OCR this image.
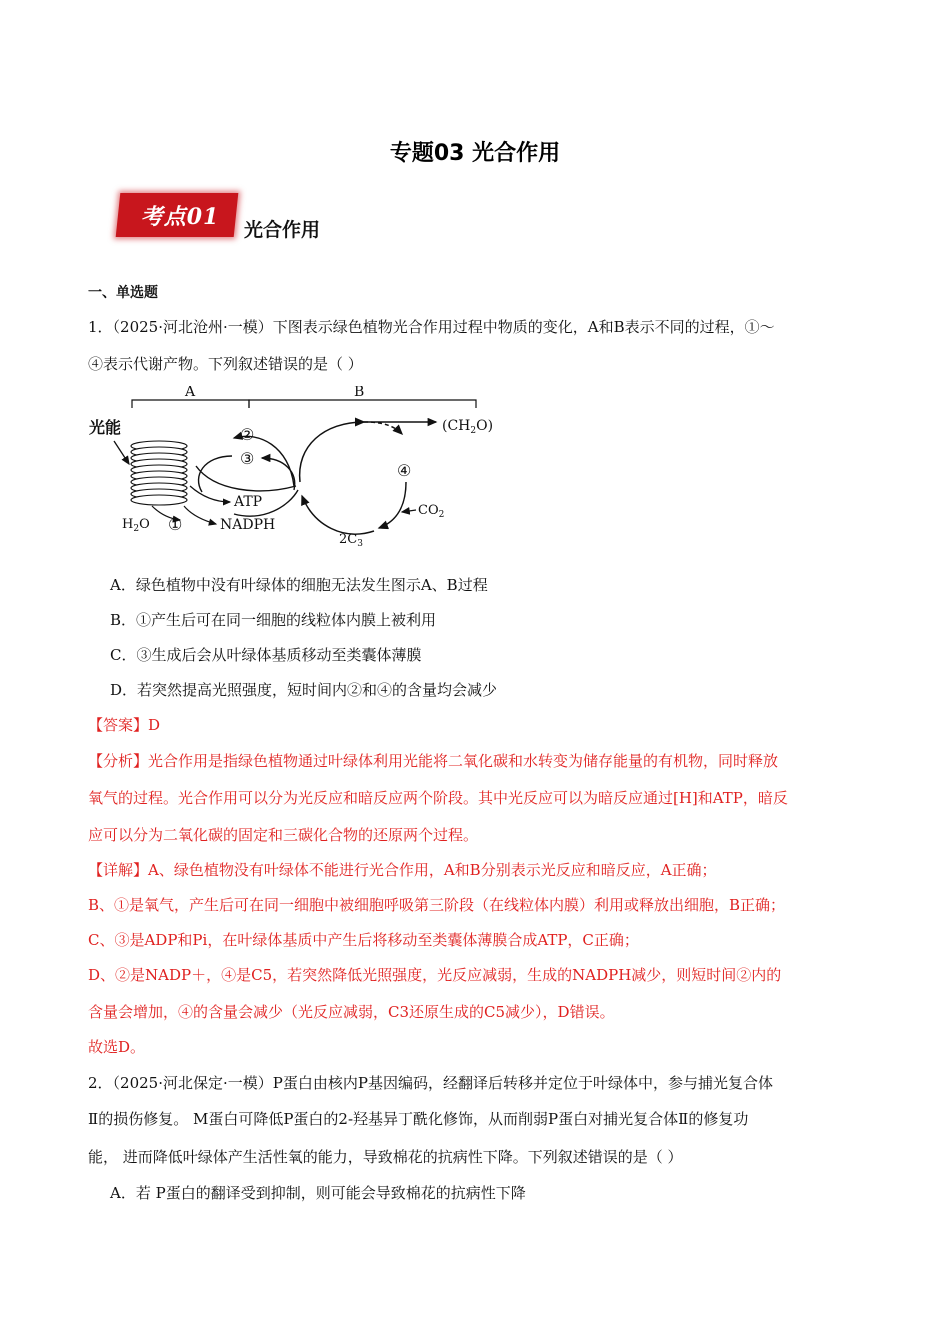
专题03 光合作用
考点01	光合作用
一、单选题
1．（2025·河北沧州·一模）下图表示绿色植物光合作用过程中物质的变化，A和B表示不同的过程，①～
④表示代谢产物。下列叙述错误的是（ ）
A	B
光能
$H_2O$ ①	NADPH
ATP
②
③
④
$2C_3$
$(CH_2O)$
$CO_2$
A．绿色植物中没有叶绿体的细胞无法发生图示A、B过程
B．①产生后可在同一细胞的线粒体内膜上被利用
C．③生成后会从叶绿体基质移动至类囊体薄膜
D．若突然提高光照强度，短时间内②和④的含量均会减少
【答案】D
【分析】光合作用是指绿色植物通过叶绿体利用光能将二氧化碳和水转变为储存能量的有机物，同时释放
氧气的过程。光合作用可以分为光反应和暗反应两个阶段。其中光反应可以为暗反应通过[H]和ATP，暗反
应可以分为二氧化碳的固定和三碳化合物的还原两个过程。
【详解】A、绿色植物没有叶绿体不能进行光合作用，A和B分别表示光反应和暗反应，A正确；
B、①是氧气，产生后可在同一细胞中被细胞呼吸第三阶段（在线粒体内膜）利用或释放出细胞，B正确；
C、③是ADP和Pi，在叶绿体基质中产生后将移动至类囊体薄膜合成ATP，C正确；
D、②是NADP＋，④是C5，若突然降低光照强度，光反应减弱，生成的NADPH减少，则短时间②内的
含量会增加，④的含量会减少（光反应减弱，C3还原生成的C5减少），D错误。
故选D。
2．（2025·河北保定·一模）P蛋白由核内P基因编码，经翻译后转移并定位于叶绿体中，参与捕光复合体
Ⅱ的损伤修复。 M蛋白可降低P蛋白的2-羟基异丁酰化修饰，从而削弱P蛋白对捕光复合体Ⅱ的修复功
能， 进而降低叶绿体产生活性氧的能力，导致棉花的抗病性下降。下列叙述错误的是（ ）
A．若 P蛋白的翻译受到抑制，则可能会导致棉花的抗病性下降
